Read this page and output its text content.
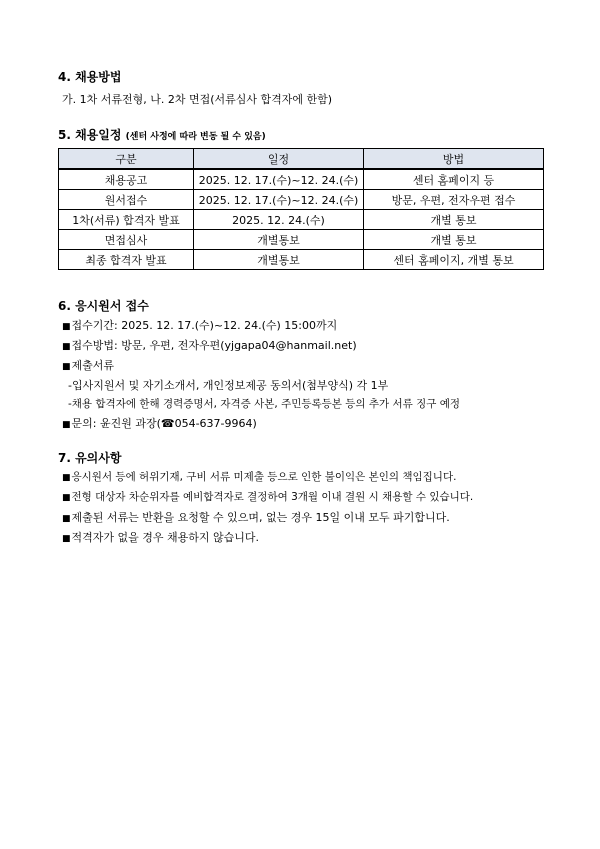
4. 채용방법
가. 1차 서류전형, 나. 2차 면접(서류심사 합격자에 한함)
5. 채용일정 (센터 사정에 따라 변동 될 수 있음)
구분	일정	방법
채용공고	2025. 12. 17.(수)~12. 24.(수)	센터 홈페이지 등
원서접수	2025. 12. 17.(수)~12. 24.(수)	방문, 우편, 전자우편 접수
1차(서류) 합격자 발표	2025. 12. 24.(수)	개별 통보
면접심사	개별통보	개별 통보
최종 합격자 발표	개별통보	센터 홈페이지, 개별 통보
6. 응시원서 접수
■접수기간: 2025. 12. 17.(수)~12. 24.(수) 15:00까지
■접수방법: 방문, 우편, 전자우편(yjgapa04@hanmail.net)
■제출서류
-입사지원서 및 자기소개서, 개인정보제공 동의서(첨부양식) 각 1부
-채용 합격자에 한해 경력증명서, 자격증 사본, 주민등록등본 등의 추가 서류 징구 예정
■문의: 윤진원 과장(☎054-637-9964)
7. 유의사항
■응시원서 등에 허위기재, 구비 서류 미제출 등으로 인한 불이익은 본인의 책임집니다.
■전형 대상자 차순위자를 예비합격자로 결정하여 3개월 이내 결원 시 채용할 수 있습니다.
■제출된 서류는 반환을 요청할 수 있으며, 없는 경우 15일 이내 모두 파기합니다.
■적격자가 없을 경우 채용하지 않습니다.
